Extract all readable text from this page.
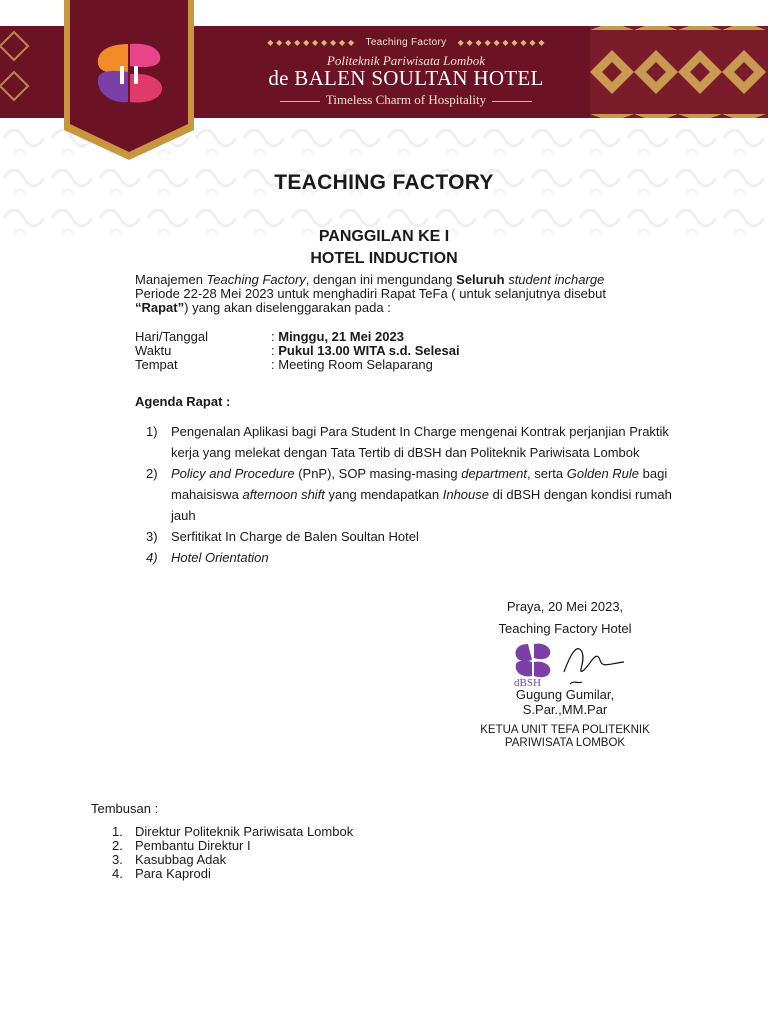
◆ ◆ ◆ ◆ ◆ ◆ ◆ ◆ ◆ ◆ Teaching Factory ◆ ◆ ◆ ◆ ◆ ◆ ◆ ◆ ◆ ◆
Politeknik Pariwisata Lombok
de BALEN SOULTAN HOTEL
Timeless Charm of Hospitality
TEACHING FACTORY
PANGGILAN KE I
HOTEL INDUCTION
Manajemen Teaching Factory, dengan ini mengundang Seluruh student incharge
Periode 22-28 Mei 2023 untuk menghadiri Rapat TeFa ( untuk selanjutnya disebut
“Rapat”) yang akan diselenggarakan pada :
Hari/Tanggal	: Minggu, 21 Mei 2023
Waktu	: Pukul 13.00 WITA s.d. Selesai
Tempat	: Meeting Room Selaparang
Agenda Rapat :
1) Pengenalan Aplikasi bagi Para Student In Charge mengenai Kontrak perjanjian Praktik kerja yang melekat dengan Tata Tertib di dBSH dan Politeknik Pariwisata Lombok
2) Policy and Procedure (PnP), SOP masing-masing department, serta Golden Rule bagi mahaisiswa afternoon shift yang mendapatkan Inhouse di dBSH dengan kondisi rumah jauh
3) Serfitikat In Charge de Balen Soultan Hotel
4) Hotel Orientation
Praya, 20 Mei 2023,
Teaching Factory Hotel
dBSH
Gugung Gumilar,
S.Par.,MM.Par
KETUA UNIT TEFA POLITEKNIK
PARIWISATA LOMBOK
Tembusan :
1. Direktur Politeknik Pariwisata Lombok
2. Pembantu Direktur I
3. Kasubbag Adak
4. Para Kaprodi
